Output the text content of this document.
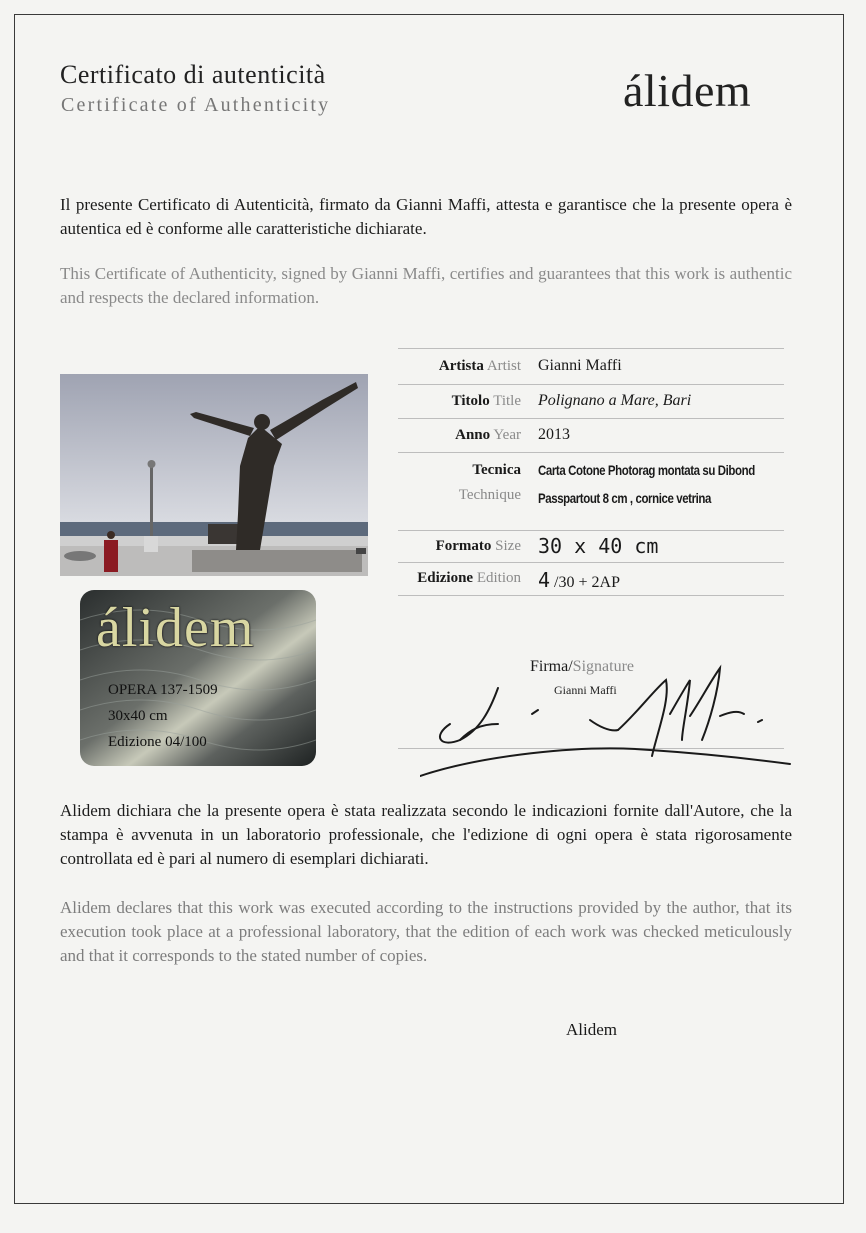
Certificato di autenticità
Certificate of Authenticity	álidem
Il presente Certificato di Autenticità, firmato da Gianni Maffi, attesta e garantisce che la presente opera è autentica ed è conforme alle caratteristiche dichiarate.
This Certificate of Authenticity, signed by Gianni Maffi, certifies and guarantees that this work is authentic and respects the declared information.
álidem
OPERA 137-1509
30x40 cm
Edizione 04/100
Artista Artist Gianni Maffi
Titolo Title Polignano a Mare, Bari
Anno Year 2013
Tecnica
Technique
Carta Cotone Photorag montata su Dibond
Passpartout 8 cm , cornice vetrina
Formato Size 30 x 40 cm
Edizione Edition 4 /30 + 2AP
Firma/Signature
Gianni Maffi
Alidem dichiara che la presente opera è stata realizzata secondo le indicazioni fornite dall'Autore, che la stampa è avvenuta in un laboratorio professionale, che l'edizione di ogni opera è stata rigorosamente controllata ed è pari al numero di esemplari dichiarati.
Alidem declares that this work was executed according to the instructions provided by the author, that its execution took place at a professional laboratory, that the edition of each work was checked meticulously and that it corresponds to the stated number of copies.
Alidem
